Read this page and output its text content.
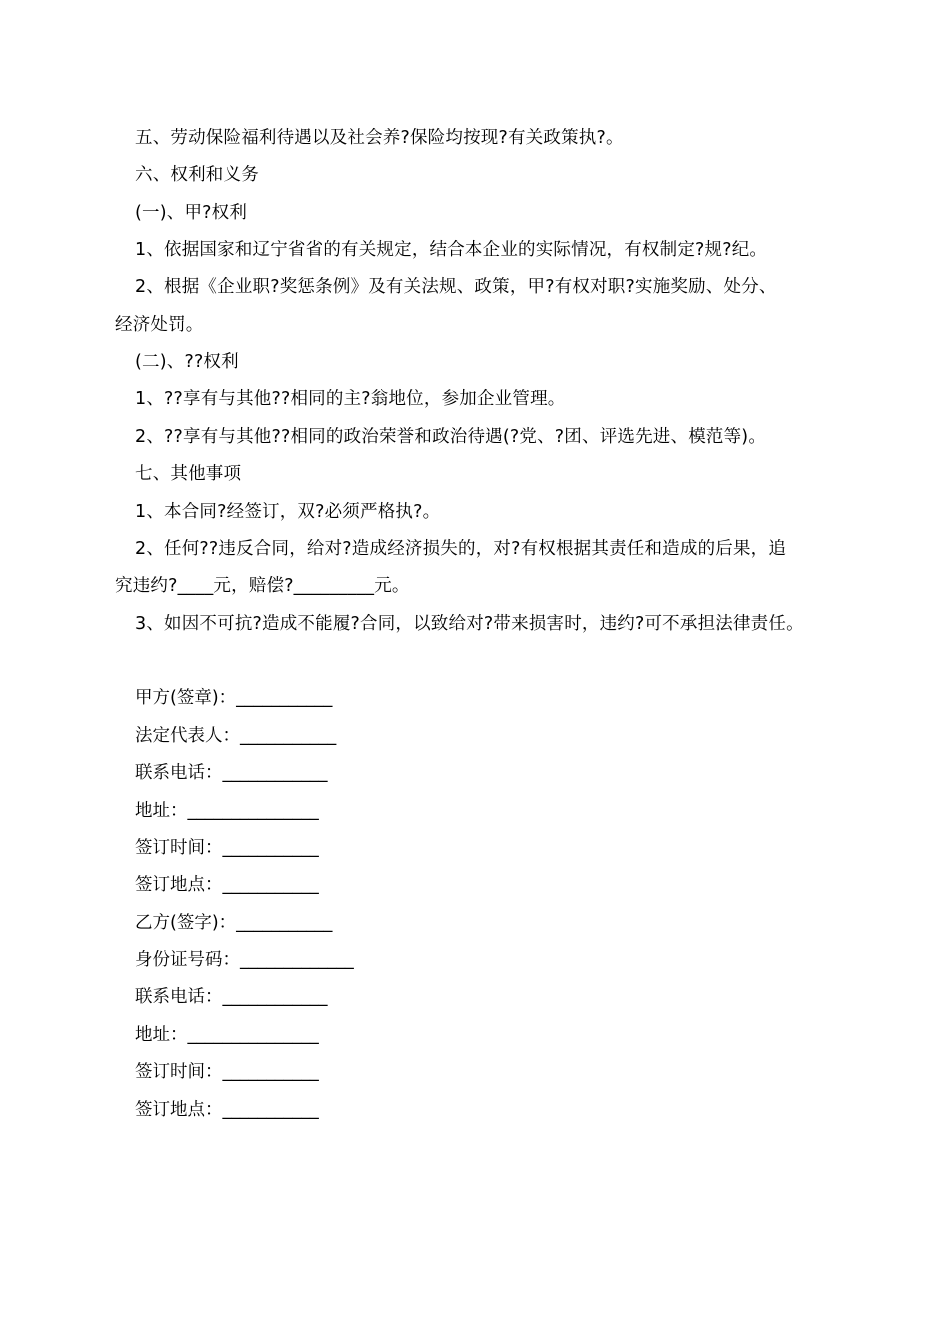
五、劳动保险福利待遇以及社会养?保险均按现?有关政策执?。
六、权利和义务
(一)、甲?权利
1、依据国家和辽宁省省的有关规定，结合本企业的实际情况，有权制定?规?纪。
2、根据《企业职?奖惩条例》及有关法规、政策，甲?有权对职?实施奖励、处分、
经济处罚。
(二)、??权利
1、??享有与其他??相同的主?翁地位，参加企业管理。
2、??享有与其他??相同的政治荣誉和政治待遇(?党、?团、评选先进、模范等)。
七、其他事项
1、本合同?经签订，双?必须严格执?。
2、任何??违反合同，给对?造成经济损失的，对?有权根据其责任和造成的后果，追
究违约?____元，赔偿?_________元。
3、如因不可抗?造成不能履?合同，以致给对?带来损害时，违约?可不承担法律责任。
甲方(签章)：___________
法定代表人：___________
联系电话：____________
地址：_______________
签订时间：___________
签订地点：___________
乙方(签字)：___________
身份证号码：_____________
联系电话：____________
地址：_______________
签订时间：___________
签订地点：___________
